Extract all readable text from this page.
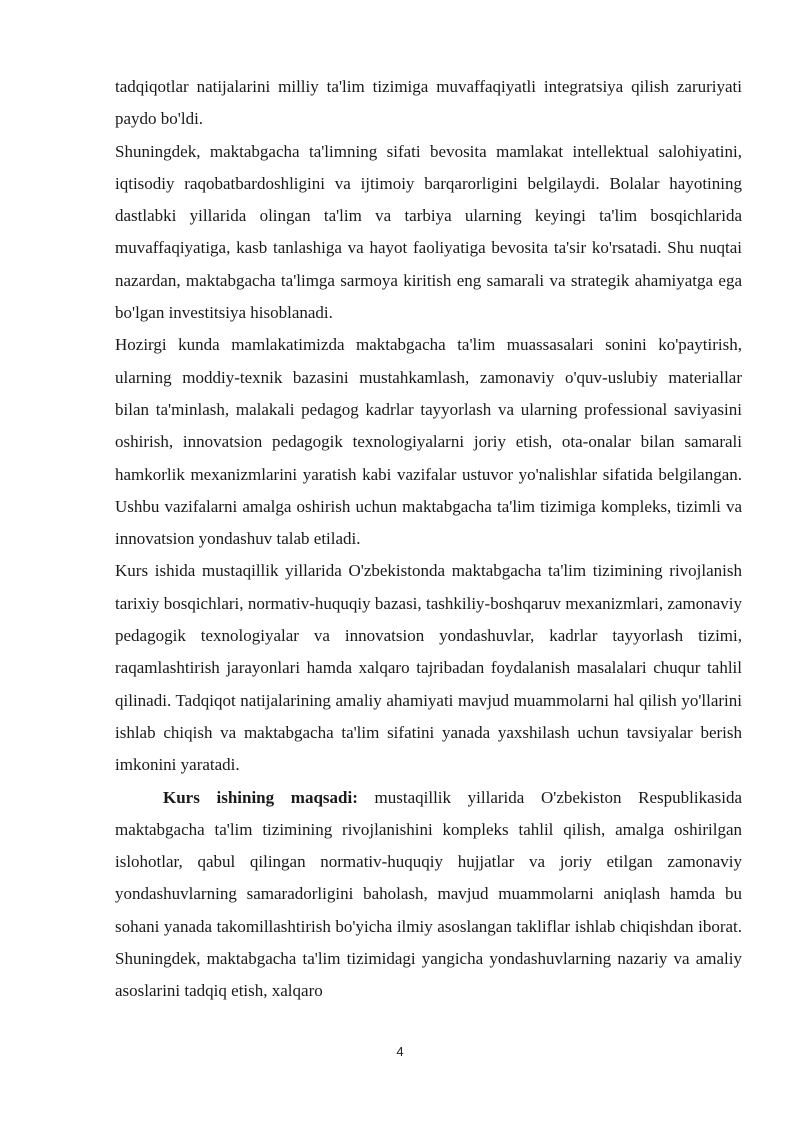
tadqiqotlar natijalarini milliy ta'lim tizimiga muvaffaqiyatli integratsiya qilish zaruriyati paydo bo'ldi.

Shuningdek, maktabgacha ta'limning sifati bevosita mamlakat intellektual salohiyatini, iqtisodiy raqobatbardoshligini va ijtimoiy barqarorligini belgilaydi. Bolalar hayotining dastlabki yillarida olingan ta'lim va tarbiya ularning keyingi ta'lim bosqichlarida muvaffaqiyatiga, kasb tanlashiga va hayot faoliyatiga bevosita ta'sir ko'rsatadi. Shu nuqtai nazardan, maktabgacha ta'limga sarmoya kiritish eng samarali va strategik ahamiyatga ega bo'lgan investitsiya hisoblanadi.

Hozirgi kunda mamlakatimizda maktabgacha ta'lim muassasalari sonini ko'paytirish, ularning moddiy-texnik bazasini mustahkamlash, zamonaviy o'quv-uslubiy materiallar bilan ta'minlash, malakali pedagog kadrlar tayyorlash va ularning professional saviyasini oshirish, innovatsion pedagogik texnologiyalarni joriy etish, ota-onalar bilan samarali hamkorlik mexanizmlarini yaratish kabi vazifalar ustuvor yo'nalishlar sifatida belgilangan. Ushbu vazifalarni amalga oshirish uchun maktabgacha ta'lim tizimiga kompleks, tizimli va innovatsion yondashuv talab etiladi.

Kurs ishida mustaqillik yillarida O'zbekistonda maktabgacha ta'lim tizimining rivojlanish tarixiy bosqichlari, normativ-huquqiy bazasi, tashkiliy-boshqaruv mexanizmlari, zamonaviy pedagogik texnologiyalar va innovatsion yondashuvlar, kadrlar tayyorlash tizimi, raqamlashtirish jarayonlari hamda xalqaro tajribadan foydalanish masalalari chuqur tahlil qilinadi. Tadqiqot natijalarining amaliy ahamiyati mavjud muammolarni hal qilish yo'llarini ishlab chiqish va maktabgacha ta'lim sifatini yanada yaxshilash uchun tavsiyalar berish imkonini yaratadi.

Kurs ishining maqsadi: mustaqillik yillarida O'zbekiston Respublikasida maktabgacha ta'lim tizimining rivojlanishini kompleks tahlil qilish, amalga oshirilgan islohotlar, qabul qilingan normativ-huquqiy hujjatlar va joriy etilgan zamonaviy yondashuvlarning samaradorligini baholash, mavjud muammolarni aniqlash hamda bu sohani yanada takomillashtirish bo'yicha ilmiy asoslangan takliflar ishlab chiqishdan iborat. Shuningdek, maktabgacha ta'lim tizimidagi yangicha yondashuvlarning nazariy va amaliy asoslarini tadqiq etish, xalqaro

4
